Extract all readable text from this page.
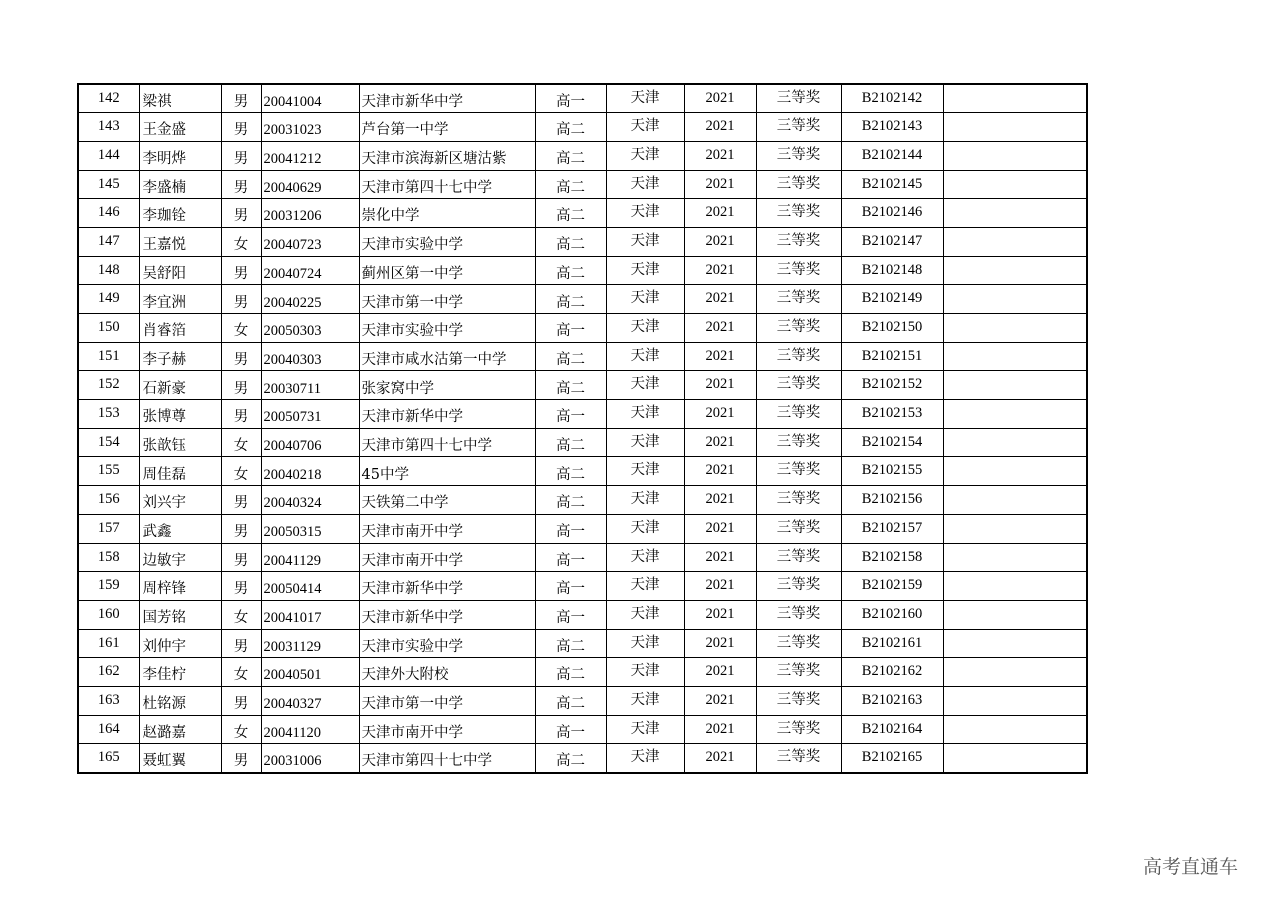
142	梁祺	男	20041004	天津市新华中学	高一	天津	2021	三等奖	B2102142	
143	王金盛	男	20031023	芦台第一中学	高二	天津	2021	三等奖	B2102143	
144	李明烨	男	20041212	天津市滨海新区塘沽紫	高二	天津	2021	三等奖	B2102144	
145	李盛楠	男	20040629	天津市第四十七中学	高二	天津	2021	三等奖	B2102145	
146	李珈铨	男	20031206	崇化中学	高二	天津	2021	三等奖	B2102146	
147	王嘉悦	女	20040723	天津市实验中学	高二	天津	2021	三等奖	B2102147	
148	吴舒阳	男	20040724	蓟州区第一中学	高二	天津	2021	三等奖	B2102148	
149	李宜洲	男	20040225	天津市第一中学	高二	天津	2021	三等奖	B2102149	
150	肖睿箔	女	20050303	天津市实验中学	高一	天津	2021	三等奖	B2102150	
151	李子赫	男	20040303	天津市咸水沽第一中学	高二	天津	2021	三等奖	B2102151	
152	石新豪	男	20030711	张家窝中学	高二	天津	2021	三等奖	B2102152	
153	张博尊	男	20050731	天津市新华中学	高一	天津	2021	三等奖	B2102153	
154	张歆钰	女	20040706	天津市第四十七中学	高二	天津	2021	三等奖	B2102154	
155	周佳磊	女	20040218	45中学	高二	天津	2021	三等奖	B2102155	
156	刘兴宇	男	20040324	天铁第二中学	高二	天津	2021	三等奖	B2102156	
157	武鑫	男	20050315	天津市南开中学	高一	天津	2021	三等奖	B2102157	
158	边敏宇	男	20041129	天津市南开中学	高一	天津	2021	三等奖	B2102158	
159	周梓锋	男	20050414	天津市新华中学	高一	天津	2021	三等奖	B2102159	
160	国芳铭	女	20041017	天津市新华中学	高一	天津	2021	三等奖	B2102160	
161	刘仲宇	男	20031129	天津市实验中学	高二	天津	2021	三等奖	B2102161	
162	李佳柠	女	20040501	天津外大附校	高二	天津	2021	三等奖	B2102162	
163	杜铭源	男	20040327	天津市第一中学	高二	天津	2021	三等奖	B2102163	
164	赵潞嘉	女	20041120	天津市南开中学	高一	天津	2021	三等奖	B2102164	
165	聂虹翼	男	20031006	天津市第四十七中学	高二	天津	2021	三等奖	B2102165	
高考直通车
